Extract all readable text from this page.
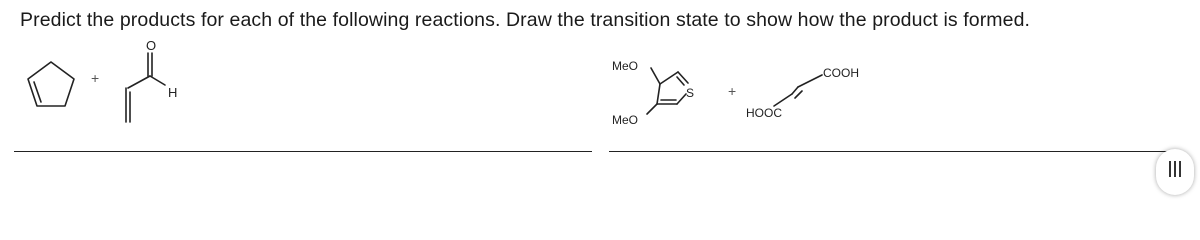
Predict the products for each of the following reactions. Draw the transition state to show how the product is formed.
+
O
H
MeO
MeO
S +
COOH
HOOC
